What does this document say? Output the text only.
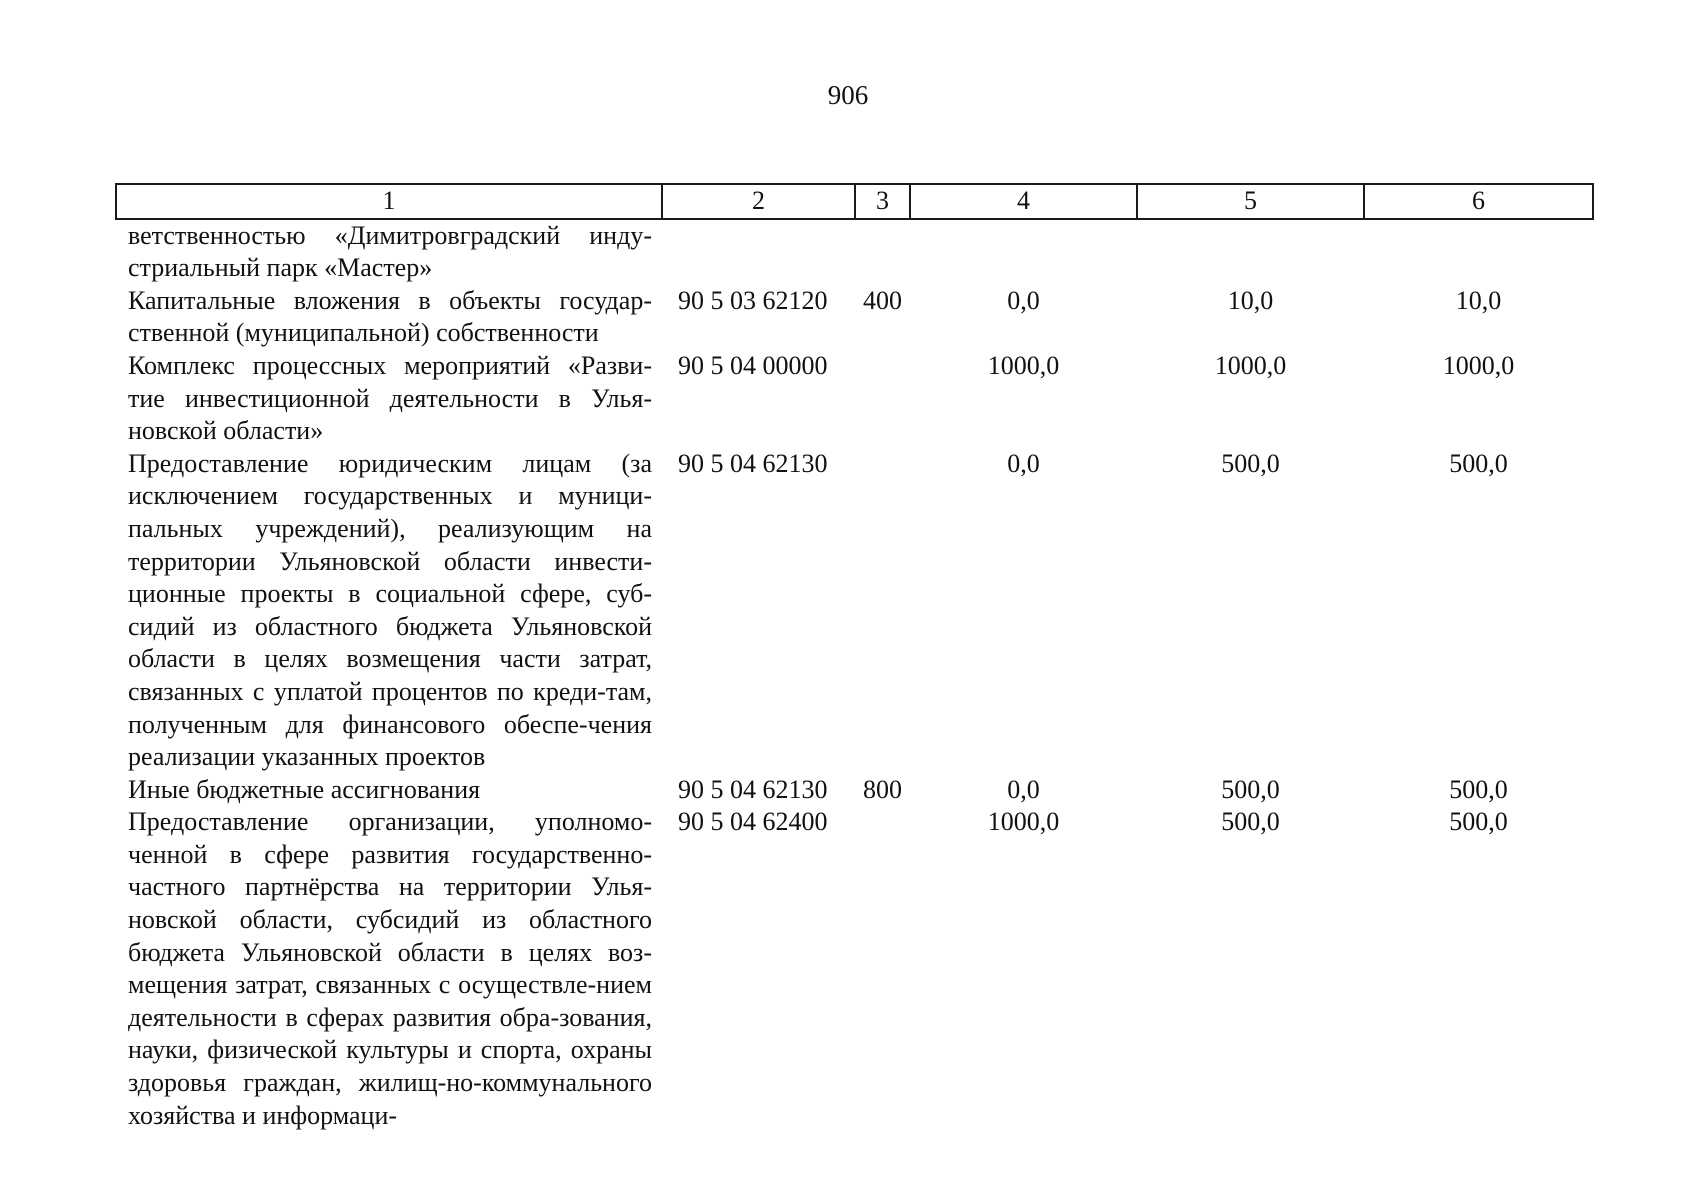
906
1	2	3	4	5	6
ветственностью «Димитровградский инду-стриальный парк «Мастер»					
Капитальные вложения в объекты государ-ственной (муниципальной) собственности	90 5 03 62120	400	0,0	10,0	10,0
Комплекс процессных мероприятий «Разви-тие инвестиционной деятельности в Улья-новской области»	90 5 04 00000		1000,0	1000,0	1000,0
Предоставление юридическим лицам (за исключением государственных и муници-пальных учреждений), реализующим на территории Ульяновской области инвести-ционные проекты в социальной сфере, суб-сидий из областного бюджета Ульяновской области в целях возмещения части затрат, связанных с уплатой процентов по креди-там, полученным для финансового обеспе-чения реализации указанных проектов	90 5 04 62130		0,0	500,0	500,0
Иные бюджетные ассигнования	90 5 04 62130	800	0,0	500,0	500,0
Предоставление организации, уполномо-ченной в сфере развития государственно-частного партнёрства на территории Улья-новской области, субсидий из областного бюджета Ульяновской области в целях воз-мещения затрат, связанных с осуществле-нием деятельности в сферах развития обра-зования, науки, физической культуры и спорта, охраны здоровья граждан, жилищ-но-коммунального хозяйства и информаци-	90 5 04 62400		1000,0	500,0	500,0
